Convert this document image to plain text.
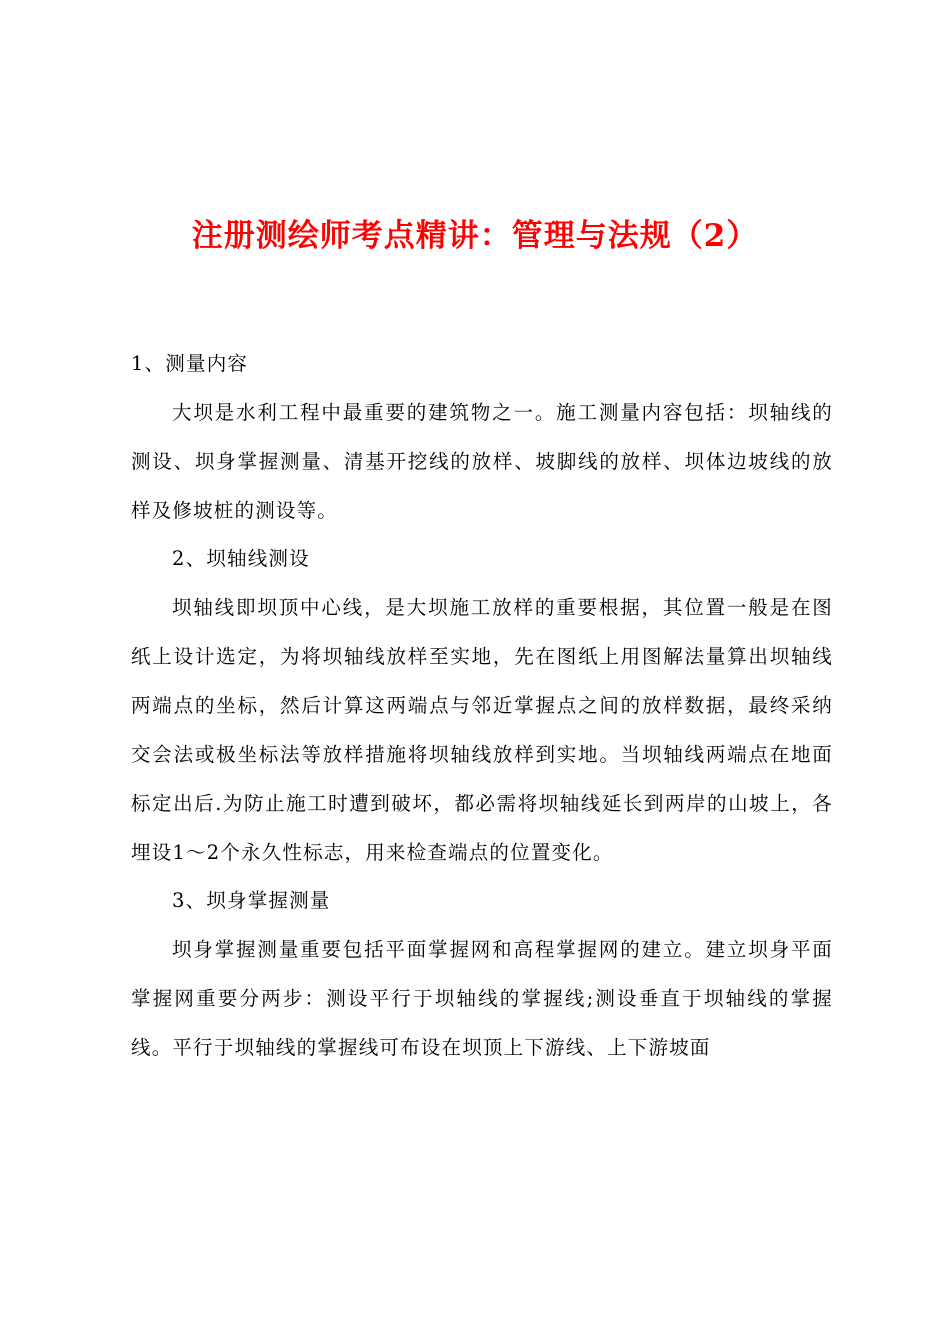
注册测绘师考点精讲：管理与法规（2）

1、测量内容

大坝是水利工程中最重要的建筑物之一。施工测量内容包括：坝轴线的测设、坝身掌握测量、清基开挖线的放样、坡脚线的放样、坝体边坡线的放样及修坡桩的测设等。

2、坝轴线测设

坝轴线即坝顶中心线，是大坝施工放样的重要根据，其位置一般是在图纸上设计选定，为将坝轴线放样至实地，先在图纸上用图解法量算出坝轴线两端点的坐标，然后计算这两端点与邻近掌握点之间的放样数据，最终采纳交会法或极坐标法等放样措施将坝轴线放样到实地。当坝轴线两端点在地面标定出后.为防止施工时遭到破坏，都必需将坝轴线延长到两岸的山坡上，各埋设1～2个永久性标志，用来检查端点的位置变化。

3、坝身掌握测量

坝身掌握测量重要包括平面掌握网和高程掌握网的建立。建立坝身平面掌握网重要分两步：测设平行于坝轴线的掌握线;测设垂直于坝轴线的掌握线。平行于坝轴线的掌握线可布设在坝顶上下游线、上下游坡面
